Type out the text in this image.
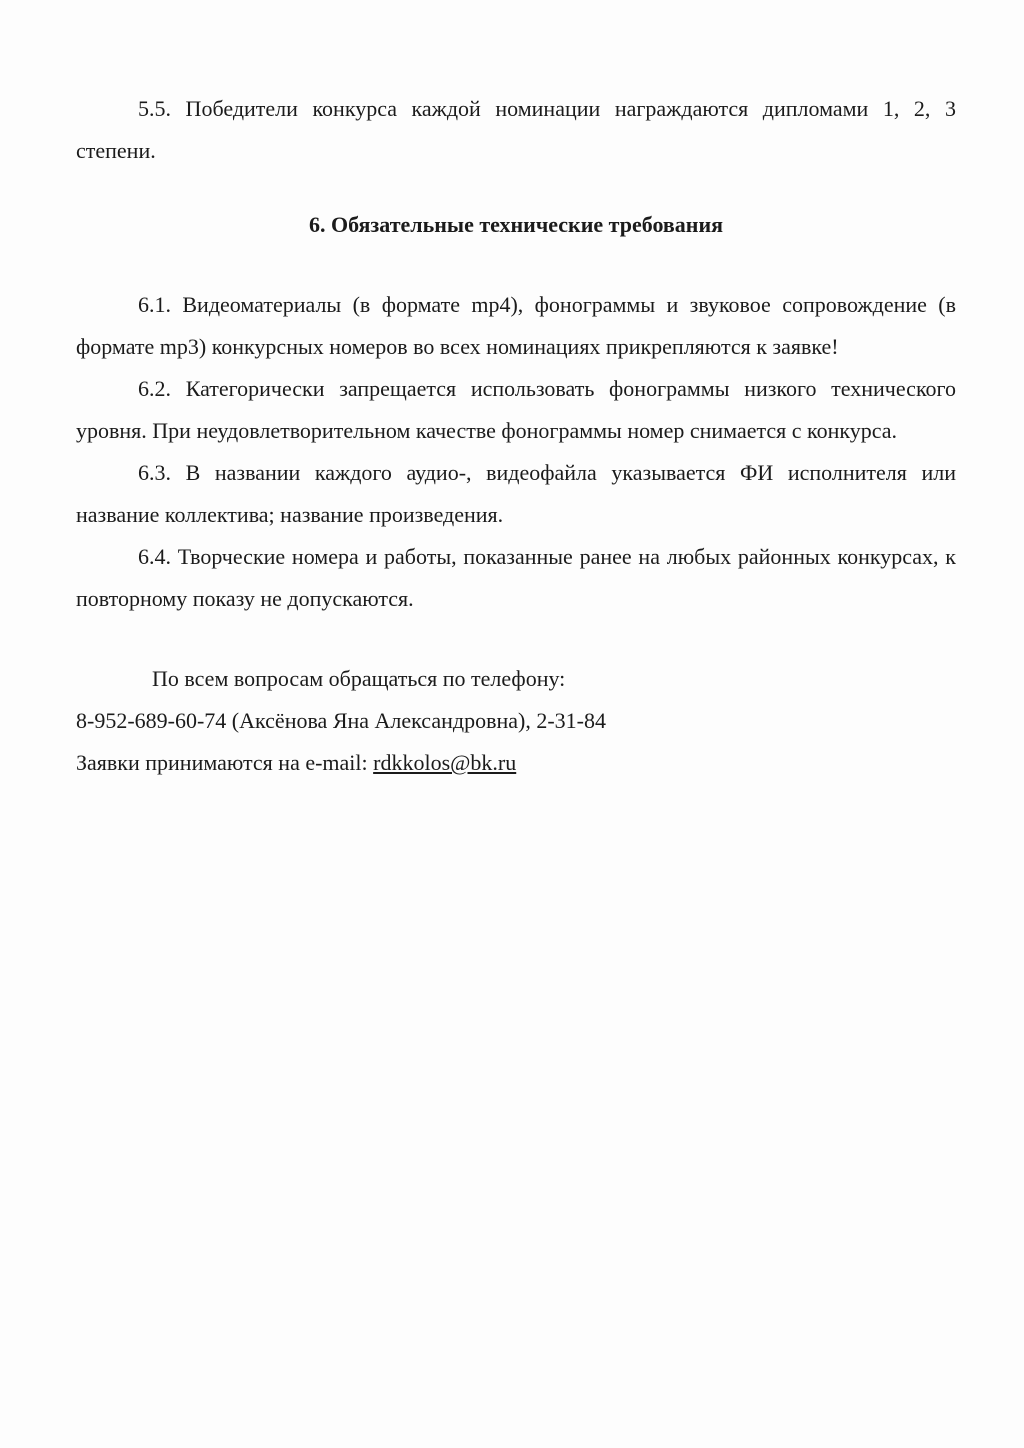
5.5. Победители конкурса каждой номинации награждаются дипломами 1, 2, 3 степени.

6. Обязательные технические требования

6.1. Видеоматериалы (в формате mp4), фонограммы и звуковое сопровождение (в формате mp3) конкурсных номеров во всех номинациях прикрепляются к заявке!

6.2. Категорически запрещается использовать фонограммы низкого технического уровня. При неудовлетворительном качестве фонограммы номер снимается с конкурса.

6.3. В названии каждого аудио-, видеофайла указывается ФИ исполнителя или название коллектива; название произведения.

6.4. Творческие номера и работы, показанные ранее на любых районных конкурсах, к повторному показу не допускаются.

По всем вопросам обращаться по телефону:

8-952-689-60-74 (Аксёнова Яна Александровна), 2-31-84

Заявки принимаются на e-mail: rdkkolos@bk.ru
